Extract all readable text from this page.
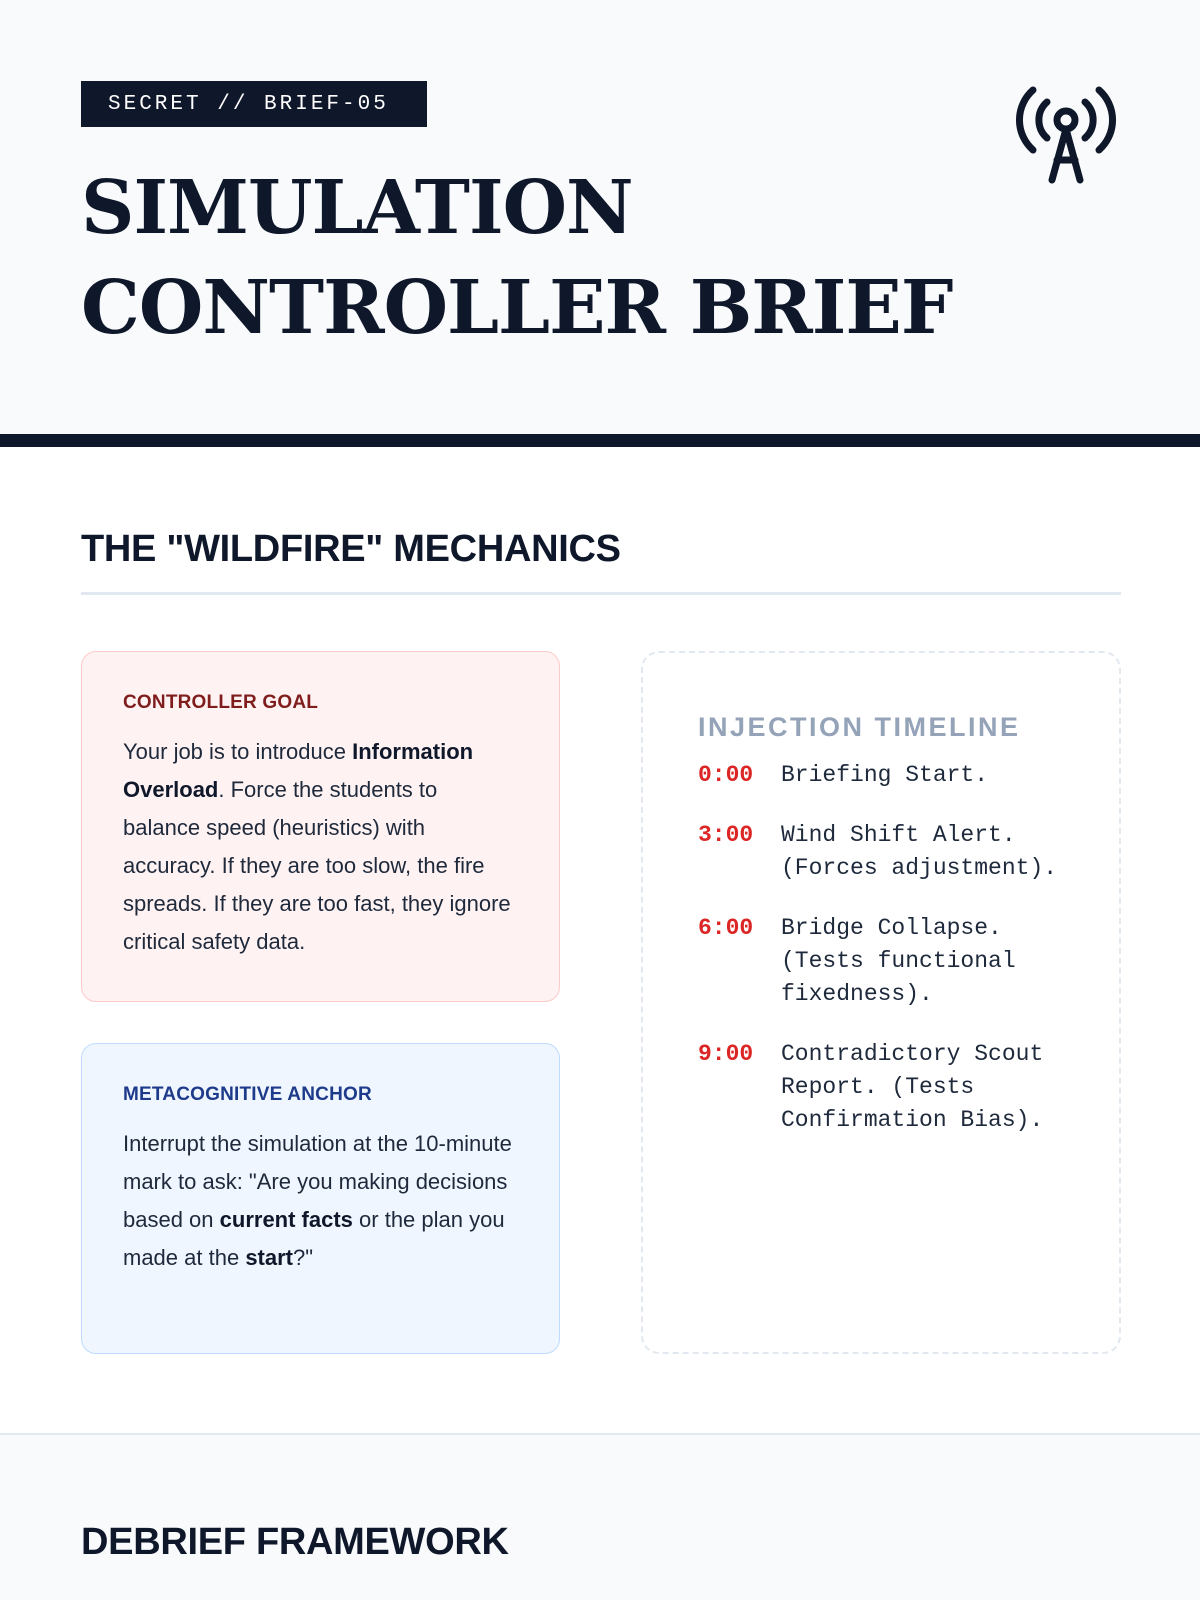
SECRET // BRIEF-05
SIMULATION
CONTROLLER BRIEF
THE "WILDFIRE" MECHANICS
CONTROLLER GOAL

Your job is to introduce Information Overload. Force the students to balance speed (heuristics) with accuracy. If they are too slow, the fire spreads. If they are too fast, they ignore critical safety data.

METACOGNITIVE ANCHOR

Interrupt the simulation at the 10-minute mark to ask: "Are you making decisions based on current facts or the plan you made at the start?"

INJECTION TIMELINE
0:00	Briefing Start.
3:00	Wind Shift Alert. (Forces adjustment).
6:00	Bridge Collapse. (Tests functional fixedness).
9:00	Contradictory Scout Report. (Tests Confirmation Bias).
DEBRIEF FRAMEWORK
